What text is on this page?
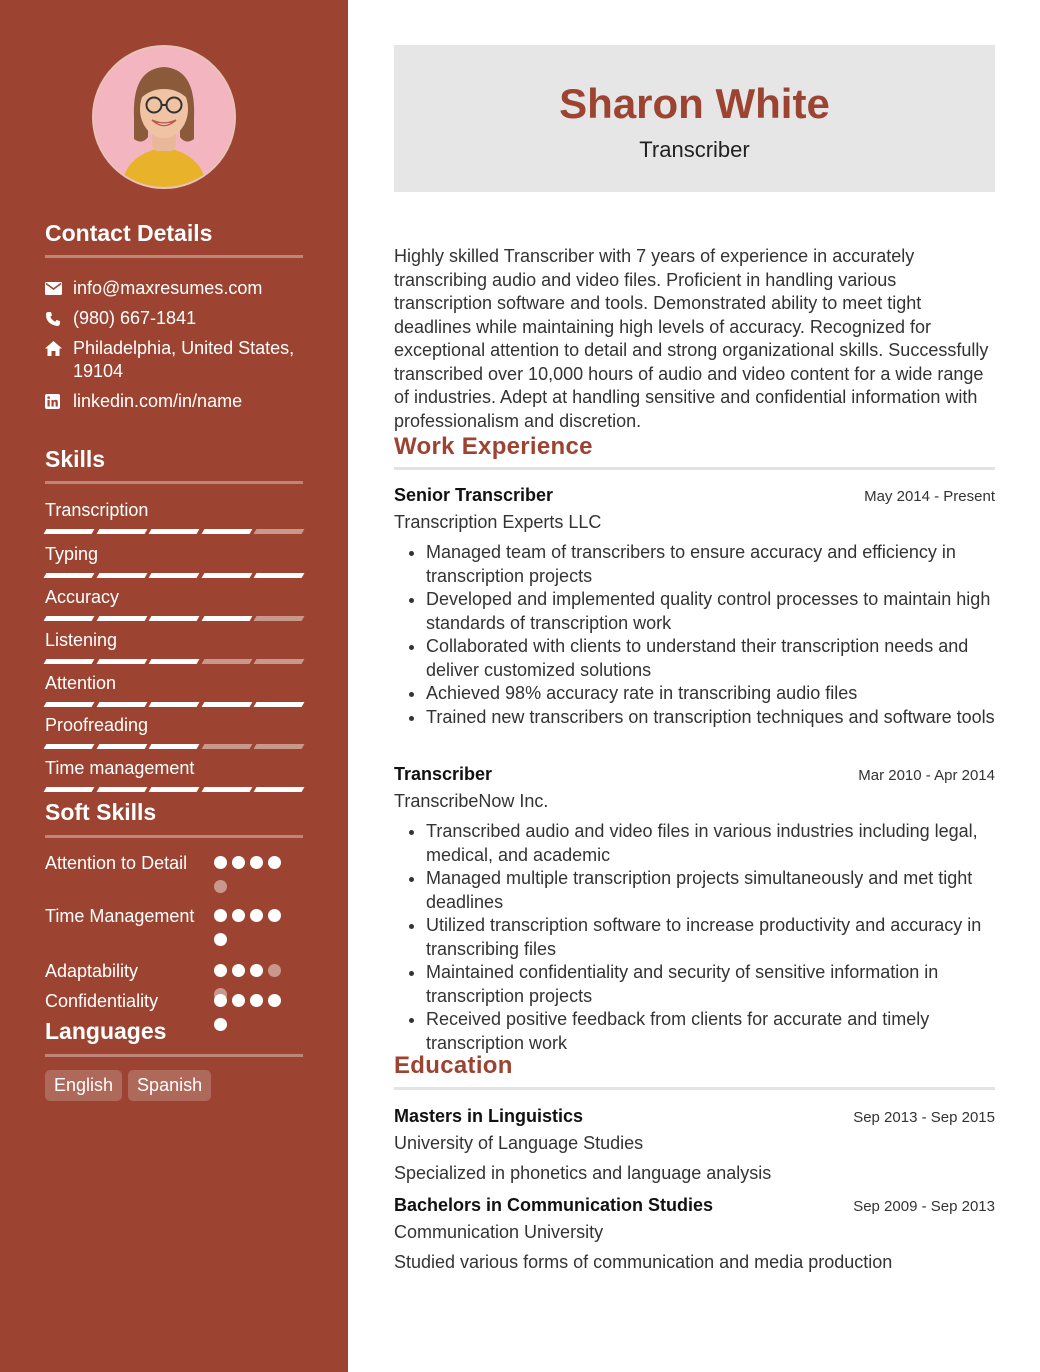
Contact Details
info@maxresumes.com
(980) 667-1841
Philadelphia, United States, 19104
linkedin.com/in/name
Skills
Transcription
Typing
Accuracy
Listening
Attention
Proofreading
Time management
Soft Skills
Attention to Detail
Time Management
Adaptability
Confidentiality
Languages
English	Spanish
Sharon White
Transcriber
Highly skilled Transcriber with 7 years of experience in accurately transcribing audio and video files. Proficient in handling various transcription software and tools. Demonstrated ability to meet tight deadlines while maintaining high levels of accuracy. Recognized for exceptional attention to detail and strong organizational skills. Successfully transcribed over 10,000 hours of audio and video content for a wide range of industries. Adept at handling sensitive and confidential information with professionalism and discretion.
Work Experience
Senior Transcriber	May 2014 - Present
Transcription Experts LLC
• Managed team of transcribers to ensure accuracy and efficiency in transcription projects
• Developed and implemented quality control processes to maintain high standards of transcription work
• Collaborated with clients to understand their transcription needs and deliver customized solutions
• Achieved 98% accuracy rate in transcribing audio files
• Trained new transcribers on transcription techniques and software tools
Transcriber	Mar 2010 - Apr 2014
TranscribeNow Inc.
• Transcribed audio and video files in various industries including legal, medical, and academic
• Managed multiple transcription projects simultaneously and met tight deadlines
• Utilized transcription software to increase productivity and accuracy in transcribing files
• Maintained confidentiality and security of sensitive information in transcription projects
• Received positive feedback from clients for accurate and timely transcription work
Education
Masters in Linguistics	Sep 2013 - Sep 2015
University of Language Studies
Specialized in phonetics and language analysis
Bachelors in Communication Studies	Sep 2009 - Sep 2013
Communication University
Studied various forms of communication and media production
